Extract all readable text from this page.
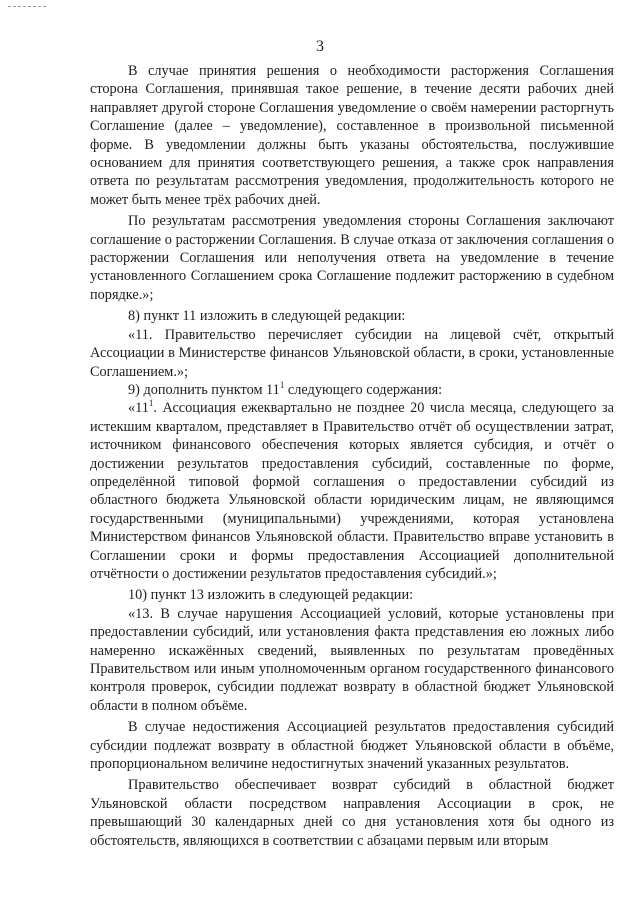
3

В случае принятия решения о необходимости расторжения Соглашения сторона Соглашения, принявшая такое решение, в течение десяти рабочих дней направляет другой стороне Соглашения уведомление о своём намерении расторгнуть Соглашение (далее – уведомление), составленное в произвольной письменной форме. В уведомлении должны быть указаны обстоятельства, послужившие основанием для принятия соответствующего решения, а также срок направления ответа по результатам рассмотрения уведомления, продолжительность которого не может быть менее трёх рабочих дней.

По результатам рассмотрения уведомления стороны Соглашения заключают соглашение о расторжении Соглашения. В случае отказа от заключения соглашения о расторжении Соглашения или неполучения ответа на уведомление в течение установленного Соглашением срока Соглашение подлежит расторжению в судебном порядке.»;

8) пункт 11 изложить в следующей редакции:

«11. Правительство перечисляет субсидии на лицевой счёт, открытый Ассоциации в Министерстве финансов Ульяновской области, в сроки, установленные Соглашением.»;

9) дополнить пунктом $11^1$ следующего содержания:

«$11^1$. Ассоциация ежеквартально не позднее 20 числа месяца, следующего за истекшим кварталом, представляет в Правительство отчёт об осуществлении затрат, источником финансового обеспечения которых является субсидия, и отчёт о достижении результатов предоставления субсидий, составленные по форме, определённой типовой формой соглашения о предоставлении субсидий из областного бюджета Ульяновской области юридическим лицам, не являющимся государственными (муниципальными) учреждениями, которая установлена Министерством финансов Ульяновской области. Правительство вправе установить в Соглашении сроки и формы предоставления Ассоциацией дополнительной отчётности о достижении результатов предоставления субсидий.»;

10) пункт 13 изложить в следующей редакции:

«13. В случае нарушения Ассоциацией условий, которые установлены при предоставлении субсидий, или установления факта представления ею ложных либо намеренно искажённых сведений, выявленных по результатам проведённых Правительством или иным уполномоченным органом государственного финансового контроля проверок, субсидии подлежат возврату в областной бюджет Ульяновской области в полном объёме.

В случае недостижения Ассоциацией результатов предоставления субсидий субсидии подлежат возврату в областной бюджет Ульяновской области в объёме, пропорциональном величине недостигнутых значений указанных результатов.

Правительство обеспечивает возврат субсидий в областной бюджет Ульяновской области посредством направления Ассоциации в срок, не превышающий 30 календарных дней со дня установления хотя бы одного из обстоятельств, являющихся в соответствии с абзацами первым или вторым
